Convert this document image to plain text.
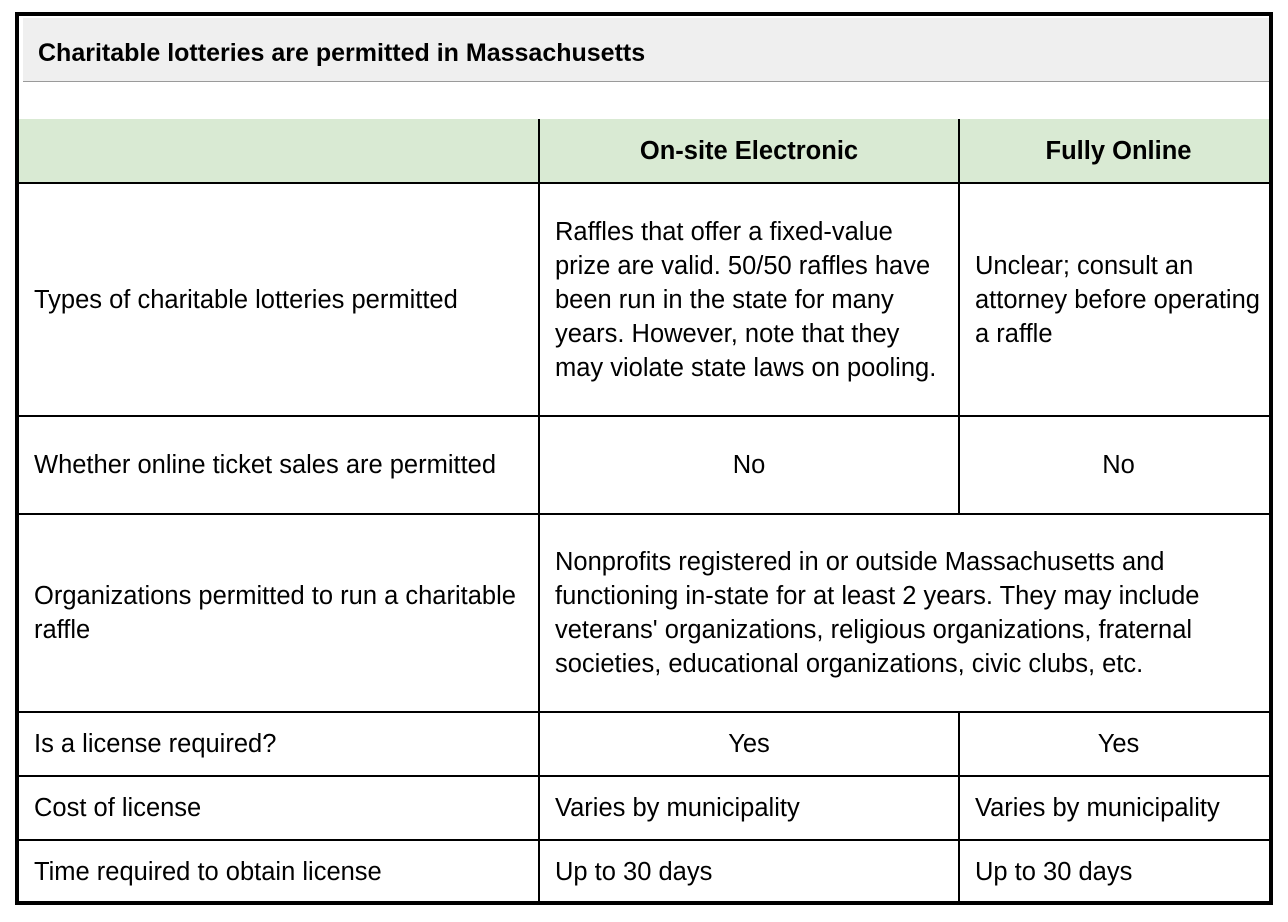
Charitable lotteries are permitted in Massachusetts
	On-site Electronic	Fully Online
Types of charitable lotteries permitted	Raffles that offer a fixed-value prize are valid. 50/50 raffles have been run in the state for many years. However, note that they may violate state laws on pooling.	Unclear; consult an attorney before operating a raffle
Whether online ticket sales are permitted	No	No
Organizations permitted to run a charitable raffle	Nonprofits registered in or outside Massachusetts and functioning in-state for at least 2 years. They may include veterans' organizations, religious organizations, fraternal societies, educational organizations, civic clubs, etc.	
Is a license required?	Yes	Yes
Cost of license	Varies by municipality	Varies by municipality
Time required to obtain license	Up to 30 days	Up to 30 days
